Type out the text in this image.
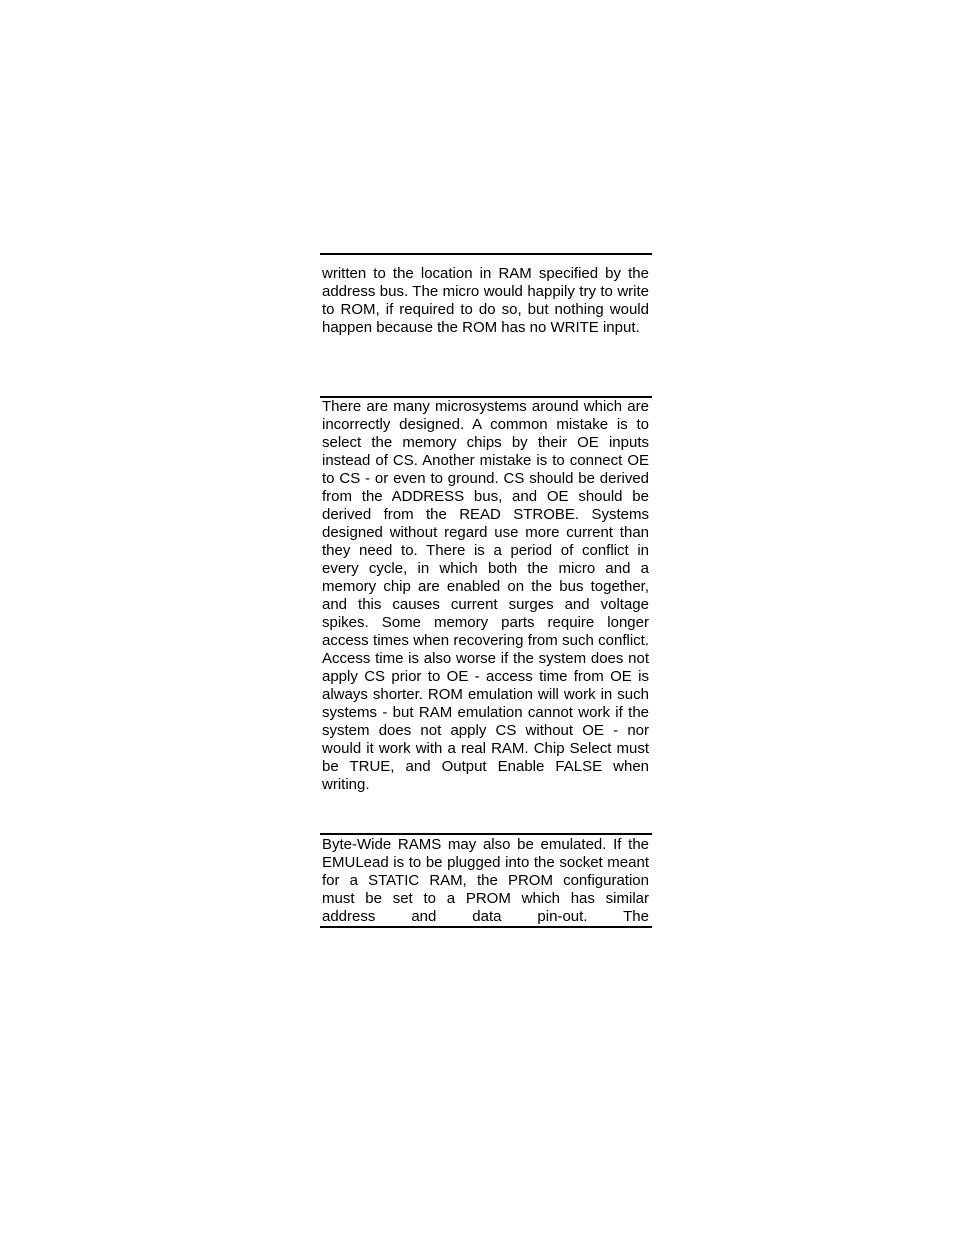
written to the location in RAM specified by the address bus. The micro would happily try to write to ROM, if required to do so, but nothing would happen because the ROM has no WRITE input.

There are many microsystems around which are incorrectly designed. A common mistake is to select the memory chips by their OE inputs instead of CS. Another mistake is to connect OE to CS - or even to ground. CS should be derived from the ADDRESS bus, and OE should be derived from the READ STROBE. Systems designed without regard use more current than they need to. There is a period of conflict in every cycle, in which both the micro and a memory chip are enabled on the bus together, and this causes current surges and voltage spikes. Some memory parts require longer access times when recovering from such conflict. Access time is also worse if the system does not apply CS prior to OE - access time from OE is always shorter. ROM emulation will work in such systems - but RAM emulation cannot work if the system does not apply CS without OE - nor would it work with a real RAM. Chip Select must be TRUE, and Output Enable FALSE when writing.

Byte-Wide RAMS may also be emulated. If the EMULead is to be plugged into the socket meant for a STATIC RAM, the PROM configuration must be set to a PROM which has similar address and data pin-out. The
